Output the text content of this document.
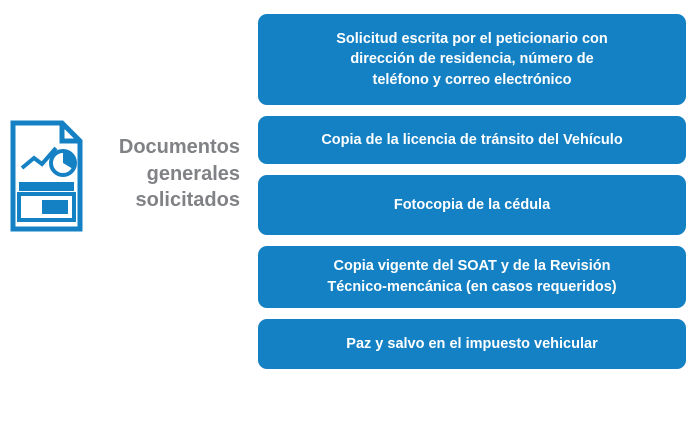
Documentos generales solicitados
Solicitud escrita por el peticionario con
dirección de residencia, número de
teléfono y correo electrónico
Copia de la licencia de tránsito del Vehículo
Fotocopia de la cédula
Copia vigente del SOAT y de la Revisión
Técnico-mencánica (en casos requeridos)
Paz y salvo en el impuesto vehicular
